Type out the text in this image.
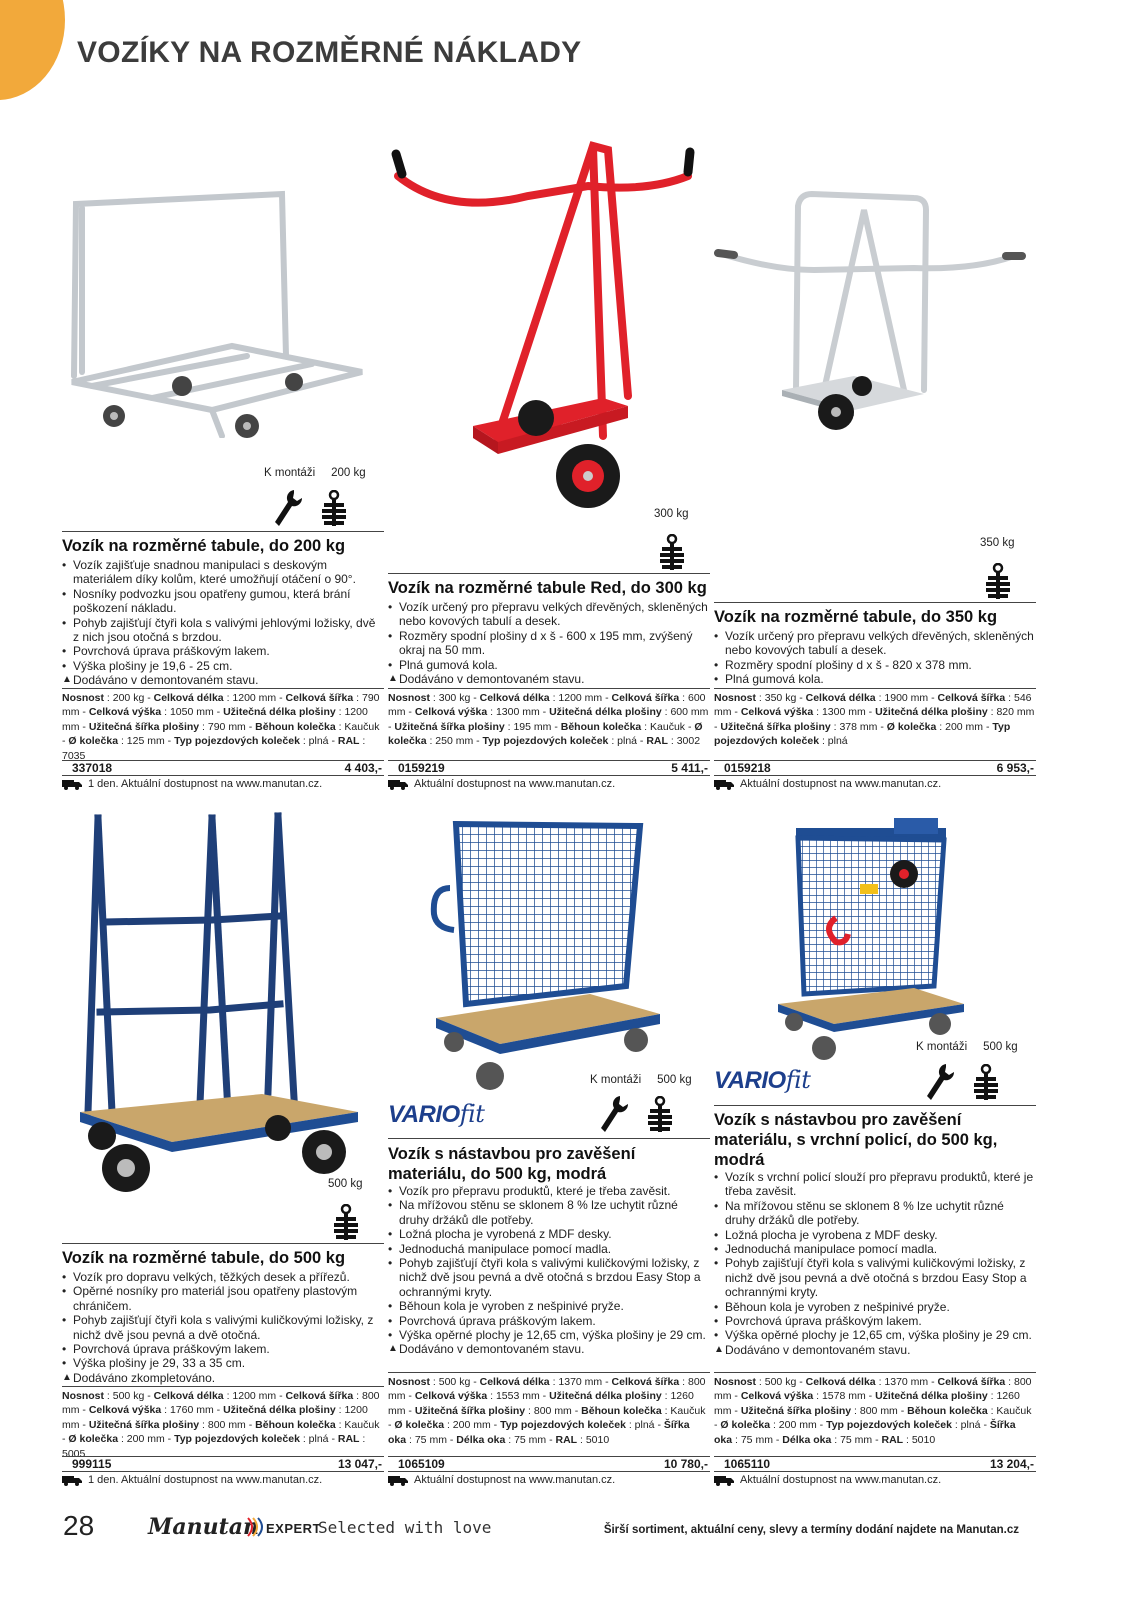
VOZÍKY NA ROZMĚRNÉ NÁKLADY
K montáži 200 kg
Vozík na rozměrné tabule, do 200 kg
• Vozík zajišťuje snadnou manipulaci s deskovým materiálem díky kolům, které umožňují otáčení o 90°.
• Nosníky podvozku jsou opatřeny gumou, která brání poškození nákladu.
• Pohyb zajišťují čtyři kola s valivými jehlovými ložisky, dvě z nich jsou otočná s brzdou.
• Povrchová úprava práškovým lakem.
• Výška plošiny je 19,6 - 25 cm.
▲ Dodáváno v demontovaném stavu.

Nosnost : 200 kg - Celková délka : 1200 mm - Celková šířka : 790 mm - Celková výška : 1050 mm - Užitečná délka plošiny : 1200 mm - Užitečná šířka plošiny : 790 mm - Běhoun kolečka : Kaučuk - Ø kolečka : 125 mm - Typ pojezdových koleček : plná - RAL : 7035

337018	4 403,-
1 den. Aktuální dostupnost na www.manutan.cz.
300 kg
Vozík na rozměrné tabule Red, do 300 kg
• Vozík určený pro přepravu velkých dřevěných, skleněných nebo kovových tabulí a desek.
• Rozměry spodní plošiny d x š - 600 x 195 mm, zvýšený okraj na 50 mm.
• Plná gumová kola.
▲ Dodáváno v demontovaném stavu.

Nosnost : 300 kg - Celková délka : 1200 mm - Celková šířka : 600 mm - Celková výška : 1300 mm - Užitečná délka plošiny : 600 mm - Užitečná šířka plošiny : 195 mm - Běhoun kolečka : Kaučuk - Ø kolečka : 250 mm - Typ pojezdových koleček : plná - RAL : 3002

0159219	5 411,-
Aktuální dostupnost na www.manutan.cz.
350 kg
Vozík na rozměrné tabule, do 350 kg
• Vozík určený pro přepravu velkých dřevěných, skleněných nebo kovových tabulí a desek.
• Rozměry spodní plošiny d x š - 820 x 378 mm.
• Plná gumová kola.

Nosnost : 350 kg - Celková délka : 1900 mm - Celková šířka : 546 mm - Celková výška : 1300 mm - Užitečná délka plošiny : 820 mm - Užitečná šířka plošiny : 378 mm - Ø kolečka : 200 mm - Typ pojezdových koleček : plná

0159218	6 953,-
Aktuální dostupnost na www.manutan.cz.
500 kg
Vozík na rozměrné tabule, do 500 kg
• Vozík pro dopravu velkých, těžkých desek a přířezů.
• Opěrné nosníky pro materiál jsou opatřeny plastovým chráničem.
• Pohyb zajišťují čtyři kola s valivými kuličkovými ložisky, z nichž dvě jsou pevná a dvě otočná.
• Povrchová úprava práškovým lakem.
• Výška plošiny je 29, 33 a 35 cm.
▲ Dodáváno zkompletováno.

Nosnost : 500 kg - Celková délka : 1200 mm - Celková šířka : 800 mm - Celková výška : 1760 mm - Užitečná délka plošiny : 1200 mm - Užitečná šířka plošiny : 800 mm - Běhoun kolečka : Kaučuk - Ø kolečka : 200 mm - Typ pojezdových koleček : plná - RAL : 5005

999115	13 047,-
1 den. Aktuální dostupnost na www.manutan.cz.
K montáži 500 kg
VARIOfit
Vozík s nástavbou pro zavěšení materiálu, do 500 kg, modrá
• Vozík pro přepravu produktů, které je třeba zavěsit.
• Na mřížovou stěnu se sklonem 8 % lze uchytit různé druhy držáků dle potřeby.
• Ložná plocha je vyrobená z MDF desky.
• Jednoduchá manipulace pomocí madla.
• Pohyb zajišťují čtyři kola s valivými kuličkovými ložisky, z nichž dvě jsou pevná a dvě otočná s brzdou Easy Stop a ochrannými kryty.
• Běhoun kola je vyroben z nešpinivé pryže.
• Povrchová úprava práškovým lakem.
• Výška opěrné plochy je 12,65 cm, výška plošiny je 29 cm.
▲ Dodáváno v demontovaném stavu.

Nosnost : 500 kg - Celková délka : 1370 mm - Celková šířka : 800 mm - Celková výška : 1553 mm - Užitečná délka plošiny : 1260 mm - Užitečná šířka plošiny : 800 mm - Běhoun kolečka : Kaučuk - Ø kolečka : 200 mm - Typ pojezdových koleček : plná - Šířka oka : 75 mm - Délka oka : 75 mm - RAL : 5010

1065109	10 780,-
Aktuální dostupnost na www.manutan.cz.
K montáži 500 kg
VARIOfit
Vozík s nástavbou pro zavěšení materiálu, s vrchní policí, do 500 kg, modrá
• Vozík s vrchní policí slouží pro přepravu produktů, které je třeba zavěsit.
• Na mřížovou stěnu se sklonem 8 % lze uchytit různé druhy držáků dle potřeby.
• Ložná plocha je vyrobena z MDF desky.
• Jednoduchá manipulace pomocí madla.
• Pohyb zajišťují čtyři kola s valivými kuličkovými ložisky, z nichž dvě jsou pevná a dvě otočná s brzdou Easy Stop a ochrannými kryty.
• Běhoun kola je vyroben z nešpinivé pryže.
• Povrchová úprava práškovým lakem.
• Výška opěrné plochy je 12,65 cm, výška plošiny je 29 cm.
▲ Dodáváno v demontovaném stavu.

Nosnost : 500 kg - Celková délka : 1370 mm - Celková šířka : 800 mm - Celková výška : 1578 mm - Užitečná délka plošiny : 1260 mm - Užitečná šířka plošiny : 800 mm - Běhoun kolečka : Kaučuk - Ø kolečka : 200 mm - Typ pojezdových koleček : plná - Šířka oka : 75 mm - Délka oka : 75 mm - RAL : 5010

1065110	13 204,-
Aktuální dostupnost na www.manutan.cz.
28 Manutan EXPERT
Selected with love	Širší sortiment, aktuální ceny, slevy a termíny dodání najdete na Manutan.cz
